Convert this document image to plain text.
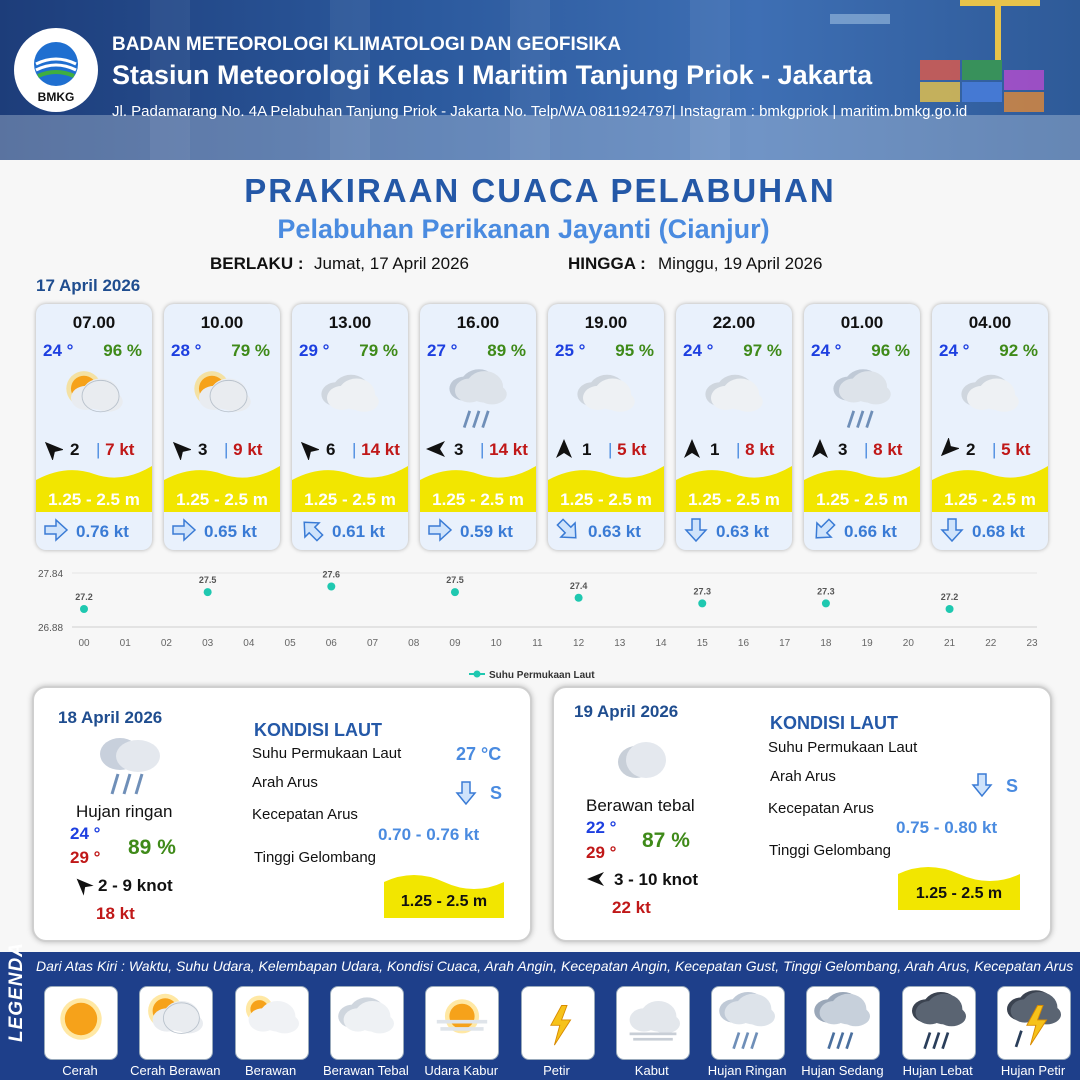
BMKG
BADAN METEOROLOGI KLIMATOLOGI DAN GEOFISIKA
Stasiun Meteorologi Kelas I Maritim Tanjung Priok - Jakarta
Jl. Padamarang No. 4A Pelabuhan Tanjung Priok - Jakarta No. Telp/WA 0811924797| Instagram : bmkgpriok | maritim.bmkg.go.id
PRAKIRAAN CUACA PELABUHAN
Pelabuhan Perikanan Jayanti (Cianjur)
BERLAKU : Jumat, 17 April 2026	HINGGA : Minggu, 19 April 2026
17 April 2026
07.00
24 ° 96 %
2 | 7 kt
1.25 - 2.5 m
0.76 kt
10.00
28 ° 79 %
3 | 9 kt
1.25 - 2.5 m
0.65 kt
13.00
29 ° 79 %
6 | 14 kt
1.25 - 2.5 m
0.61 kt
16.00
27 ° 89 %
3 | 14 kt
1.25 - 2.5 m
0.59 kt
19.00
25 ° 95 %
1 | 5 kt
1.25 - 2.5 m
0.63 kt
22.00
24 ° 97 %
1 | 8 kt
1.25 - 2.5 m
0.63 kt
01.00
24 ° 96 %
3 | 8 kt
1.25 - 2.5 m
0.66 kt
04.00
24 ° 92 %
2 | 5 kt
1.25 - 2.5 m
0.68 kt
27.84
26.88
00	01	02	03	04	05	06	07	08	09	10	11	12	13	14	15	16	17	18	19	20	21	22	23
27.2
27.5
27.6
27.5
27.4
27.3	27.3
27.2
Suhu Permukaan Laut
18 April 2026
Hujan ringan
24 °
29 ° 89 %
2 - 9 knot
18 kt
KONDISI LAUT
Suhu Permukaan Laut	27 °C
Arah Arus
S
Kecepatan Arus
0.70 - 0.76 kt
Tinggi Gelombang
1.25 - 2.5 m
19 April 2026
Berawan tebal
22 °
29 °
87 %
3 - 10 knot
22 kt
KONDISI LAUT
Suhu Permukaan Laut
Arah Arus	S
Kecepatan Arus
0.75 - 0.80 kt
Tinggi Gelombang
1.25 - 2.5 m
LEGENDA Dari Atas Kiri : Waktu, Suhu Udara, Kelembapan Udara, Kondisi Cuaca, Arah Angin, Kecepatan Angin, Kecepatan Gust, Tinggi Gelombang, Arah Arus, Kecepatan Arus
Cerah	Cerah Berawan	Berawan	Berawan Tebal	Udara Kabur	Petir	Kabut	Hujan Ringan	Hujan Sedang	Hujan Lebat	Hujan Petir
